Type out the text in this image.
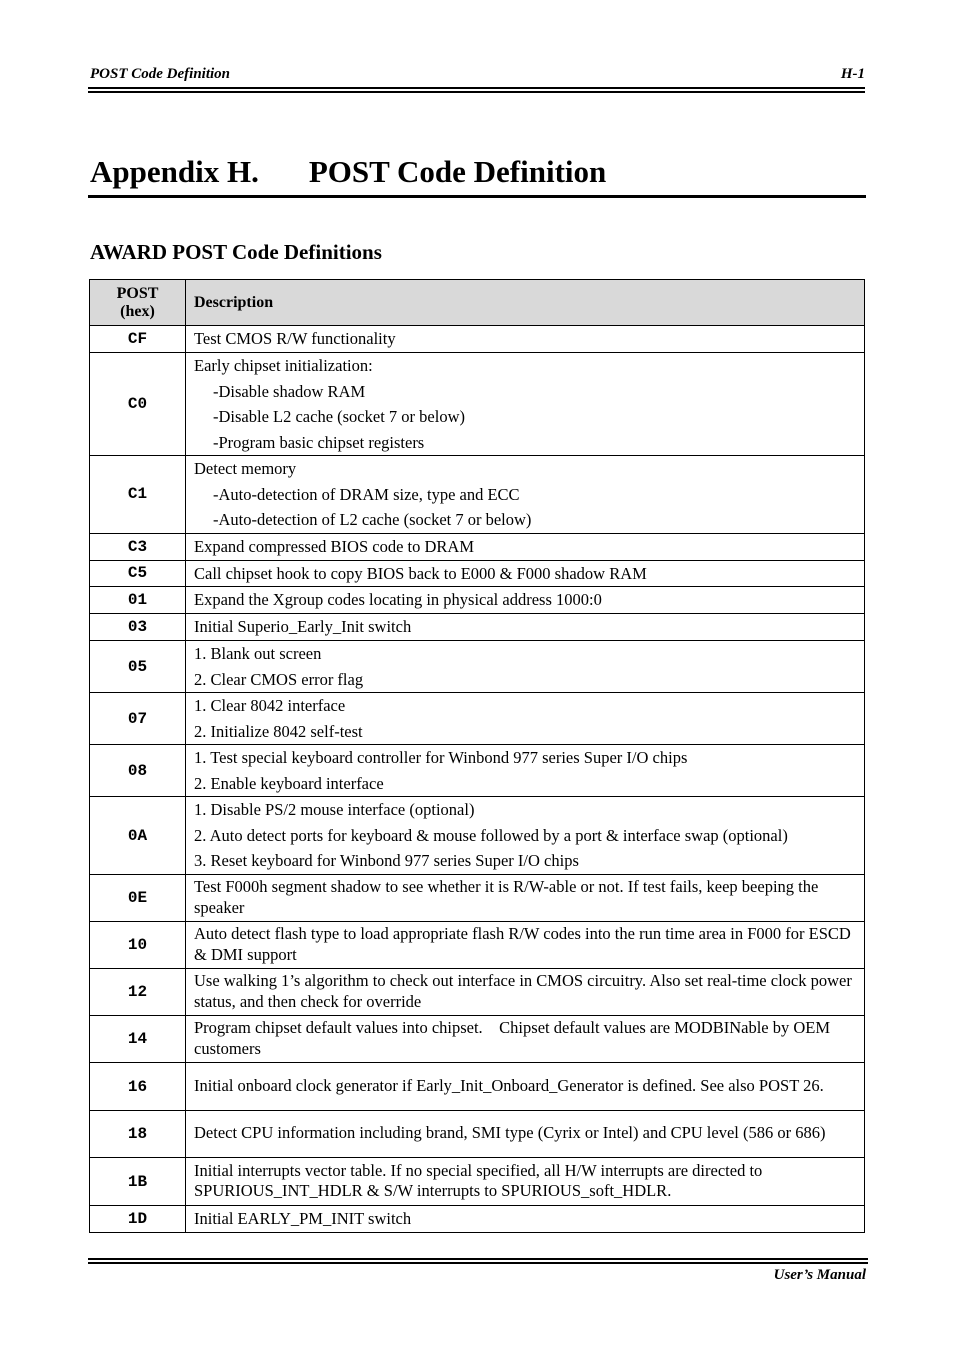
POST Code Definition	H-1
Appendix H. POST Code Definition
AWARD POST Code Definitions
POST
(hex)	Description
CF	Test CMOS R/W functionality

C0	Early chipset initialization:
-Disable shadow RAM
-Disable L2 cache (socket 7 or below)
-Program basic chipset registers

C1	Detect memory
-Auto-detection of DRAM size, type and ECC
-Auto-detection of L2 cache (socket 7 or below)

C3	Expand compressed BIOS code to DRAM

C5	Call chipset hook to copy BIOS back to E000 & F000 shadow RAM

01	Expand the Xgroup codes locating in physical address 1000:0

03	Initial Superio_Early_Init switch

05	1. Blank out screen
2. Clear CMOS error flag

07	1. Clear 8042 interface
2. Initialize 8042 self-test

08	1. Test special keyboard controller for Winbond 977 series Super I/O chips
2. Enable keyboard interface

0A	1. Disable PS/2 mouse interface (optional)
2. Auto detect ports for keyboard & mouse followed by a port & interface swap (optional)
3. Reset keyboard for Winbond 977 series Super I/O chips

0E	Test F000h segment shadow to see whether it is R/W-able or not. If test fails, keep beeping the speaker
10	Auto detect flash type to load appropriate flash R/W codes into the run time area in F000 for ESCD & DMI support
12	Use walking 1’s algorithm to check out interface in CMOS circuitry. Also set real-time clock power status, and then check for override
14	Program chipset default values into chipset.    Chipset default values are MODBINable by OEM customers
16	Initial onboard clock generator if Early_Init_Onboard_Generator is defined. See also POST 26.
18	Detect CPU information including brand, SMI type (Cyrix or Intel) and CPU level (586 or 686)
1B	Initial interrupts vector table. If no special specified, all H/W interrupts are directed to SPURIOUS_INT_HDLR & S/W interrupts to SPURIOUS_soft_HDLR.
1D	Initial EARLY_PM_INIT switch
User’s Manual
